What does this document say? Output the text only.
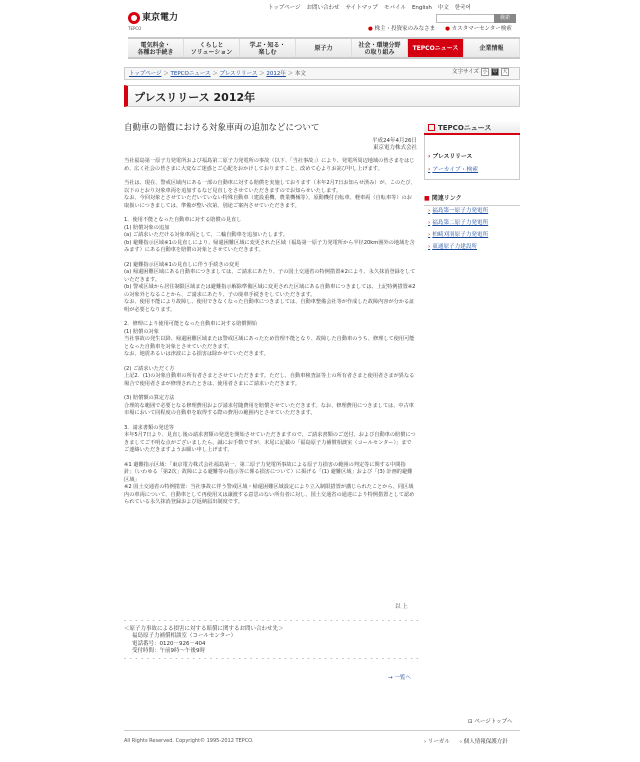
東京電力
TEPCO
トップページ お問い合わせ サイトマップ モバイル English 中文 한국어
検索
● 株主・投資家のみなさま ● カスタマーセンター検索
電気料金・
各種お手続き
くらしと
ソリューション
学ぶ・知る・
楽しむ
原子力	社会・環境分野
の取り組み
TEPCOニュース	企業情報
トップページ ＞ TEPCOニュース ＞ プレスリリース ＞ 2012年 ＞ 本文	文字サイズ 小 中 大
プレスリリース 2012年
自動車の賠償における対象車両の追加などについて
平成24年4月26日
東京電力株式会社

当社福島第一原子力発電所および福島第二原子力発電所の事故（以下、「当社事故」）により、発電所周辺地域の皆さまをはじめ、広く社会の皆さまに大変なご迷惑とご心配をおかけしておりますこと、改めて心よりお詫び申し上げます。

当社は、現在、警戒区域内にある一部の自動車に対する賠償を実施しております（本年2月7日お知らせ済み）が、このたび、以下のとおり対象車両を追加するなど見直しをさせていただきますのでお知らせいたします。
なお、今回対象とさせていただいていない特殊自動車（建設重機、農業機械等）、原動機付自転車、軽車両（自転車等）のお取扱いにつきましては、準備が整い次第、別途ご案内させていただきます。

1．使用不能となった自動車に対する賠償の見直し
(1) 賠償対象の追加
(a) ご請求いただける対象車両として、二輪自動車を追加いたします。
(b) 避難指示区域※1の見直しにより、帰還困難区域に変更された区域（福島第一原子力発電所から半径20km圏外の地域を含みます）にある自動車を賠償の対象とさせていただきます。

(2) 避難指示区域※1の見直しに伴う手続きの変更
(a) 帰還困難区域にある自動車につきましては、ご請求にあたり、子の国土交通省の特例措置※2により、永久抹消登録をしていただきます。
(b) 警戒区域から居住制限区域または避難指示解除準備区域に変更された区域にある自動車につきましては、上記特例措置※2の対象外となることから、ご請求にあたり、子の廃車手続きをしていただきます。
なお、使用不能により故障し、使用できなくなった自動車につきましては、自動車整備会社等が作成した故障内容が分かる証明が必要となります。

2．修理により使用可能となった自動車に対する賠償開始
(1) 賠償の対象
当社事故の発生以降、帰還困難区域または警戒区域にあったため管理不能となり、故障した自動車のうち、修理して使用可能となった自動車を対象とさせていただきます。
なお、地震あるいは津波による損害は除かせていただきます。

(2) ご請求いただく方
上記2．(1)の対象自動車の所有者さまとさせていただきます。ただし、自動車検査証等上の所有者さまと使用者さまが異なる場合で使用者さまが修理されたときは、使用者さまにご請求いただきます。

(3) 賠償額の算定方法
合理的な範囲で必要となる修理費用および請求付随費用を賠償させていただきます。なお、修理費用につきましては、中古車市場において同程度の自動車を取得する際の費用の範囲内とさせていただきます。

3．請求書類の発送等
本年5月7日より、見直し後の請求書類の発送を開始させていただきますので、ご請求書類のご送付、および自動車の賠償につきましてご不明な点がございましたら、誠にお手数ですが、末尾に記載の「福島原子力補償相談室（コールセンター）」までご連絡いただきますようお願い申し上げます。

※1 避難指示区域：「東京電力株式会社福島第一、第二原子力発電所事故による原子力損害の範囲の判定等に関する中間指針」（いわゆる「第2次」故障による避難等の指示等に係る損害について）に掲げる「(1) 避難区域」および「(3) 計画的避難区域」
※2 国土交通省の特例措置：当社事故に伴う警戒区域・帰還困難区域設定により立入制限措置が講じられたことから、同区域内の車両について、自動車として再使用又は譲渡する意思のない所有者に対し、国土交通省の通達により特例措置として認められている永久抹消登録および返納届出制度です。

以 上
- - - - - - - - - - - - - - - - - - - - - - - - - - - - - - - - - - - - - - - - - - - - - - - - - - - -
＜原子力事故による損害に対する賠償に関するお問い合わせ先＞
福島原子力補償相談室（コールセンター）
電話番号：0120－926－404
受付時間：午前9時～午後9時
- - - - - - - - - - - - - - - - - - - - - - - - - - - - - - - - - - - - - - - - - - - - - - - - - - - -
→ 一覧へ
⊡ ページトップへ
TEPCOニュース
› プレスリリース
› アーカイブ・検索
■ 関連リンク
› 福島第一原子力発電所
› 福島第二原子力発電所
› 柏崎刈羽原子力発電所
› 東通原子力建設所
All Rights Reserved. Copyright© 1995-2012 TEPCO.	› リーガル › 個人情報保護方針
